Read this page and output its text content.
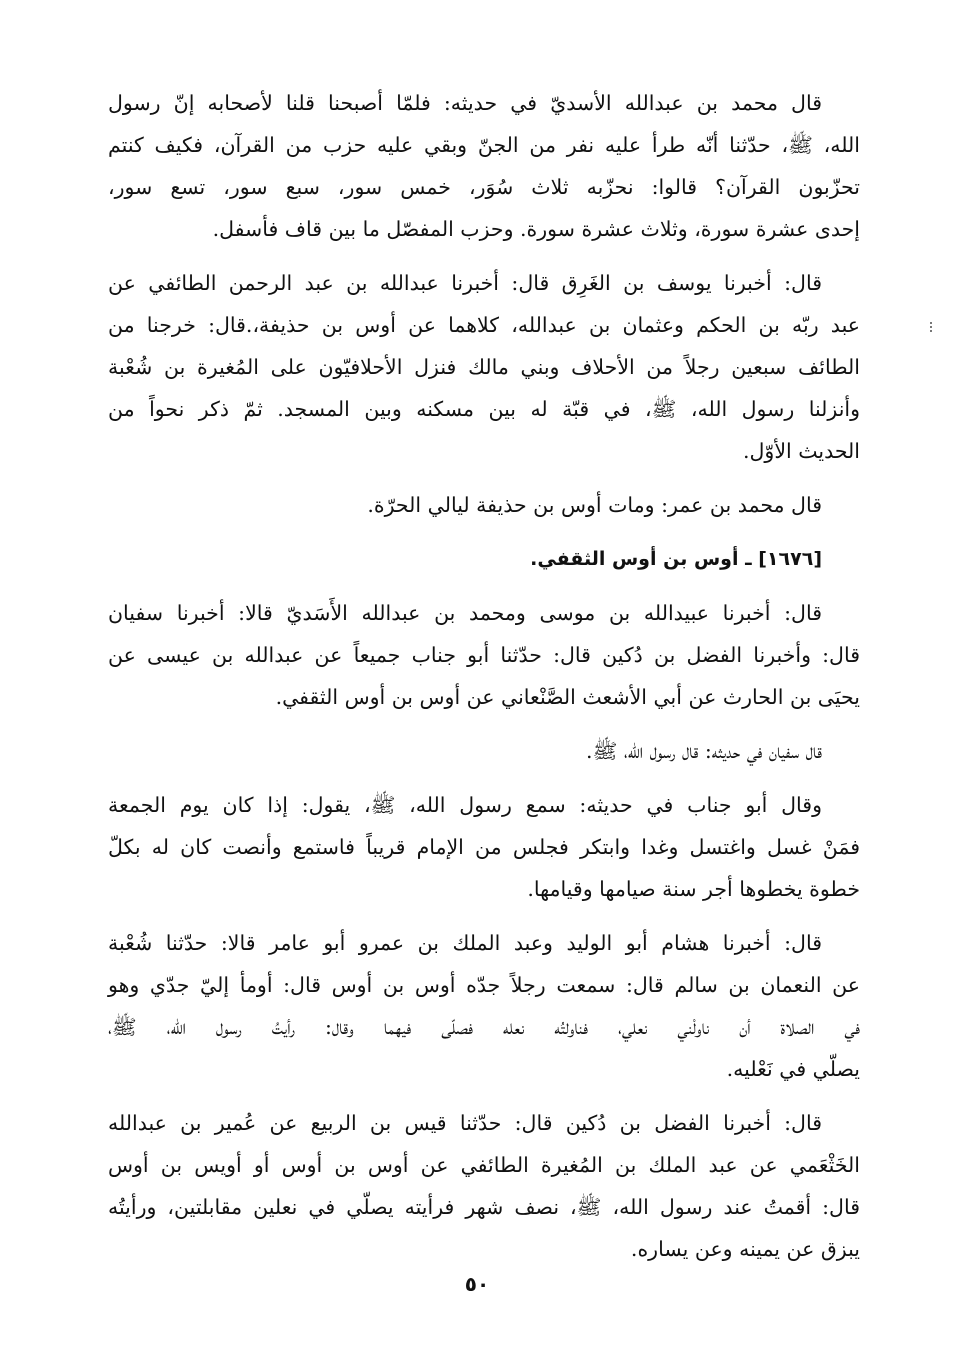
قال محمد بن عبدالله الأسديّ في حديثه: فلمّا أصبحنا قلنا لأصحابه إنّ رسول
الله، ﷺ، حدّثنا أنّه طرأ عليه نفر من الجنّ وبقي عليه حزب من القرآن، فكيف كنتم
تحزّبون القرآن؟ قالوا: نحزّبه ثلاث سُوَر، خمس سور، سبع سور، تسع سور،
إحدى عشرة سورة، وثلاث عشرة سورة. وحزب المفصّل ما بين قاف فأسفل.

قال: أخبرنا يوسف بن الغَرِق قال: أخبرنا عبدالله بن عبد الرحمن الطائفي عن
عبد ربّه بن الحكم وعثمان بن عبدالله، كلاهما عن أوس بن حذيفة،.قال: خرجنا من
الطائف سبعين رجلاً من الأحلاف وبني مالك فنزل الأحلافيّون على المُغيرة بن شُعْبة
وأنزلنا رسول الله، ﷺ، في قبّة له بين مسكنه وبين المسجد. ثمّ ذكر نحواً من
الحديث الأوّل.

قال محمد بن عمر: ومات أوس بن حذيفة ليالي الحرّة.

[١٦٧٦] ـ أوس بن أوس الثقفي.

قال: أخبرنا عبيدالله بن موسى ومحمد بن عبدالله الأَسَديّ قالا: أخبرنا سفيان
قال: وأخبرنا الفضل بن دُكين قال: حدّثنا أبو جناب جميعاً عن عبدالله بن عيسى عن
يحيَى بن الحارث عن أبي الأشعث الصَّنْعاني عن أوس بن أوس الثقفي.

قال سفيان في حديثه: قال رسول الله، ﷺ.

وقال أبو جناب في حديثه: سمع رسول الله، ﷺ، يقول: إذا كان يوم الجمعة
فمَنْ غسل واغتسل وغدا وابتكر فجلس من الإمام قريباً فاستمع وأنصت كان له بكلّ
خطوة يخطوها أجر سنة صيامها وقيامها.

قال: أخبرنا هشام أبو الوليد وعبد الملك بن عمرو أبو عامر قالا: حدّثنا شُعْبة
عن النعمان بن سالم قال: سمعت رجلاً جدّه أوس بن أوس قال: أومأ إليّ جدّي وهو
في الصلاة أن ناولْني نعلي، فناولتُه نعله فصلّى فيهما وقال: رأيتُ رسول الله، ﷺ،
يصلّي في نَعْليه.

قال: أخبرنا الفضل بن دُكين قال: حدّثنا قيس بن الربيع عن عُمير بن عبدالله
الخَثْعَمي عن عبد الملك بن المُغيرة الطائفي عن أوس بن أوس أو أويس بن أوس
قال: أقمتُ عند رسول الله، ﷺ، نصف شهر فرأيته يصلّي في نعلين مقابلتين، ورأيتُه
يبزق عن يمينه وعن يساره.

٥٠
